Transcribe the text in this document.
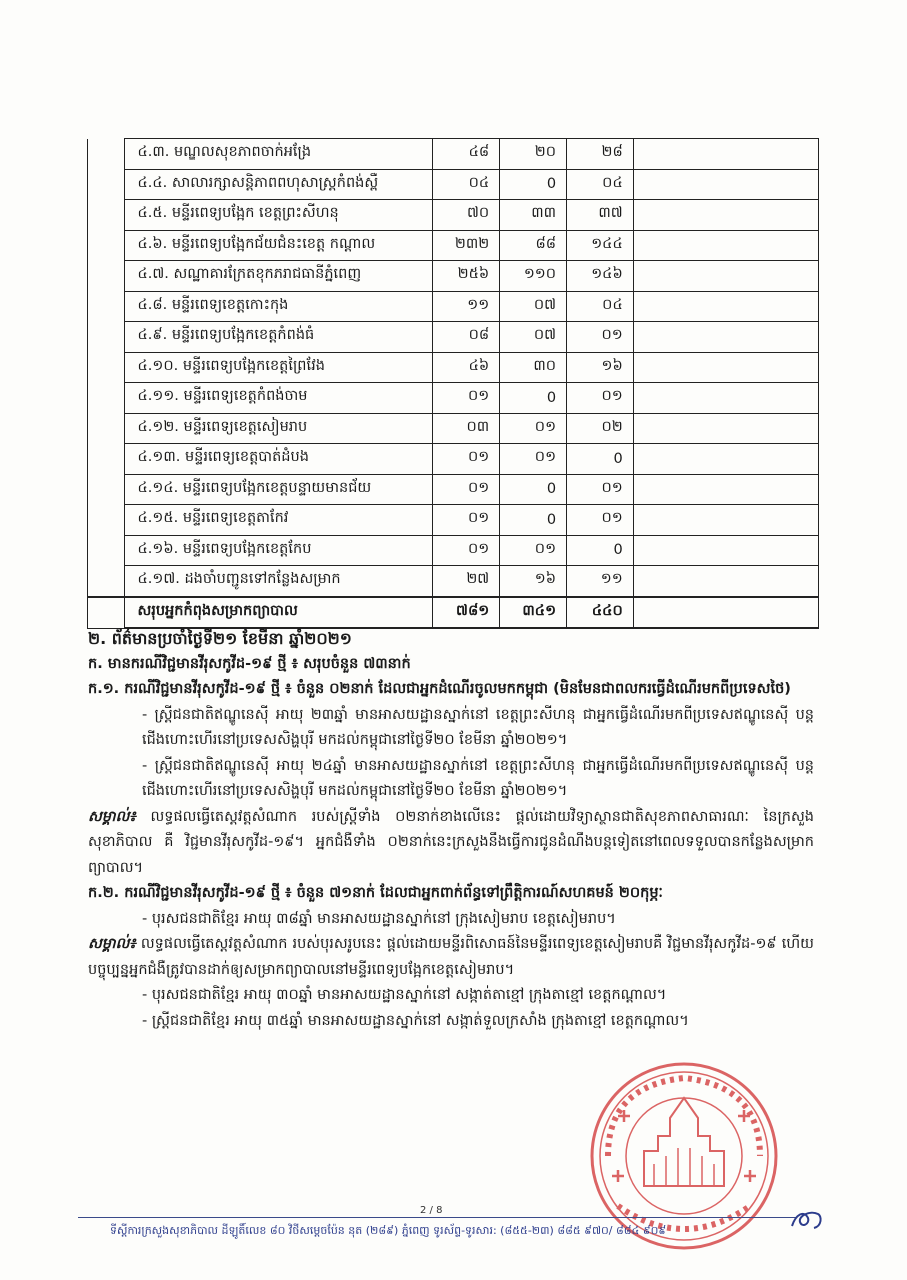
	៤.៣. មណ្ឌលសុខភាពចាក់អង្រែ	៤៨	២០	២៨	
	៤.៤. សាលារក្សាសន្តិភាពពហុសាស្រ្តកំពង់ស្ពឺ	០៤	0	០៤	
	៤.៥. មន្ទីរពេទ្យបង្អែក ខេត្តព្រះសីហនុ	៧០	៣៣	៣៧	
	៤.៦. មន្ទីរពេទ្យបង្អែកជ័យជំនះខេត្ត កណ្តាល	២៣២	៨៨	១៤៤	
	៤.៧. សណ្ឋាគារក្រែតខុកភរាជធានីភ្នំពេញ	២៥៦	១១០	១៤៦	
	៤.៨. មន្ទីរពេទ្យខេត្តកោះកុង	១១	០៧	០៤	
	៤.៩. មន្ទីរពេទ្យបង្អែកខេត្តកំពង់ធំ	០៨	០៧	០១	
	៤.១០. មន្ទីរពេទ្យបង្អែកខេត្តព្រៃវែង	៤៦	៣០	១៦	
	៤.១១. មន្ទីរពេទ្យខេត្តកំពង់ចាម	០១	0	០១	
	៤.១២. មន្ទីរពេទ្យខេត្តសៀមរាប	០៣	០១	០២	
	៤.១៣. មន្ទីរពេទ្យខេត្តបាត់ដំបង	០១	០១	0	
	៤.១៤. មន្ទីរពេទ្យបង្អែកខេត្តបន្ទាយមានជ័យ	០១	0	០១	
	៤.១៥. មន្ទីរពេទ្យខេត្តតាកែវ	០១	0	០១	
	៤.១៦. មន្ទីរពេទ្យបង្អែកខេត្តកែប	០១	០១	0	
	៤.១៧. ដងចាំបញ្ជូនទៅកន្លែងសម្រាក	២៧	១៦	១១	
	សរុបអ្នកកំពុងសម្រាកព្យាបាល	៧៨១	៣៤១	៤៤០	

២. ព័ត៌មានប្រចាំថ្ងៃទី២១ ខែមីនា ឆ្នាំ២០២១

ក. មានករណីវិជ្ជមានវីរុសកូវីដ-១៩ ថ្មី ៖ សរុបចំនួន ៧៣នាក់

ក.១. ករណីវិជ្ជមានវីរុសកូវីដ-១៩ ថ្មី ៖ ចំនួន ០២នាក់ ដែលជាអ្នកដំណើរចូលមកកម្ពុជា (មិនមែនជាពលករធ្វើដំណើរមកពីប្រទេសថៃ)

- ស្ត្រីជនជាតិឥណ្ឌូនេស៊ី អាយុ ២៣ឆ្នាំ មានអាសយដ្ឋានស្នាក់នៅ ខេត្តព្រះសីហនុ ជាអ្នកធ្វើដំណើរមកពីប្រទេសឥណ្ឌូនេស៊ី បន្តជើងហោះហើរនៅប្រទេសសិង្ហបុរី មកដល់កម្ពុជានៅថ្ងៃទី២០ ខែមីនា ឆ្នាំ២០២១។

- ស្ត្រីជនជាតិឥណ្ឌូនេស៊ី អាយុ ២៤ឆ្នាំ មានអាសយដ្ឋានស្នាក់នៅ ខេត្តព្រះសីហនុ ជាអ្នកធ្វើដំណើរមកពីប្រទេសឥណ្ឌូនេស៊ី បន្តជើងហោះហើរនៅប្រទេសសិង្ហបុរី មកដល់កម្ពុជានៅថ្ងៃទី២០ ខែមីនា ឆ្នាំ២០២១។

សម្គាល់៖ លទ្ធផលធ្វើតេស្តវត្តសំណាក របស់ស្ត្រីទាំង ០២នាក់ខាងលើនេះ ផ្តល់ដោយវិទ្យាស្ថានជាតិសុខភាពសាធារណៈ នៃក្រសួងសុខាភិបាល គឺ វិជ្ជមានវីរុសកូវីដ-១៩។ អ្នកជំងឺទាំង ០២នាក់នេះក្រសួងនឹងធ្វើការជូនដំណឹងបន្តទៀតនៅពេលទទួលបានកន្លែងសម្រាកព្យាបាល។

ក.២. ករណីវិជ្ជមានវីរុសកូវីដ-១៩ ថ្មី ៖ ចំនួន ៧១នាក់ ដែលជាអ្នកពាក់ព័ន្ធទៅព្រឹត្តិការណ៍សហគមន៍ ២០កុម្ភៈ

- បុរសជនជាតិខ្មែរ អាយុ ៣៨ឆ្នាំ មានអាសយដ្ឋានស្នាក់នៅ ក្រុងសៀមរាប ខេត្តសៀមរាប។

សម្គាល់៖ លទ្ធផលធ្វើតេស្តវត្តសំណាក របស់បុរសរូបនេះ ផ្តល់ដោយមន្ទីរពិសោធន៍នៃមន្ទីរពេទ្យខេត្តសៀមរាបគឺ វិជ្ជមានវីរុសកូវីដ-១៩ ហើយបច្ចុប្បន្នអ្នកជំងឺត្រូវបានដាក់ឲ្យសម្រាកព្យាបាលនៅមន្ទីរពេទ្យបង្អែកខេត្តសៀមរាប។

- បុរសជនជាតិខ្មែរ អាយុ ៣០ឆ្នាំ មានអាសយដ្ឋានស្នាក់នៅ សង្កាត់តាខ្មៅ ក្រុងតាខ្មៅ ខេត្តកណ្តាល។

- ស្ត្រីជនជាតិខ្មែរ អាយុ ៣៥ឆ្នាំ មានអាសយដ្ឋានស្នាក់នៅ សង្កាត់ទួលក្រសាំង ក្រុងតាខ្មៅ ខេត្តកណ្តាល។

2 / 8
ទីស្តីការក្រសួងសុខាភិបាល ដីឡូតិ៍លេខ ៨០ វិថីសម្តេចប៉ែន នុត (២៨៩) ភ្នំពេញ ទូរស័ព្ទ-ទូរសារ: (៨៥៥-២៣) ៨៨៥ ៩៧០/ ៨៨៤ ៩០៩
